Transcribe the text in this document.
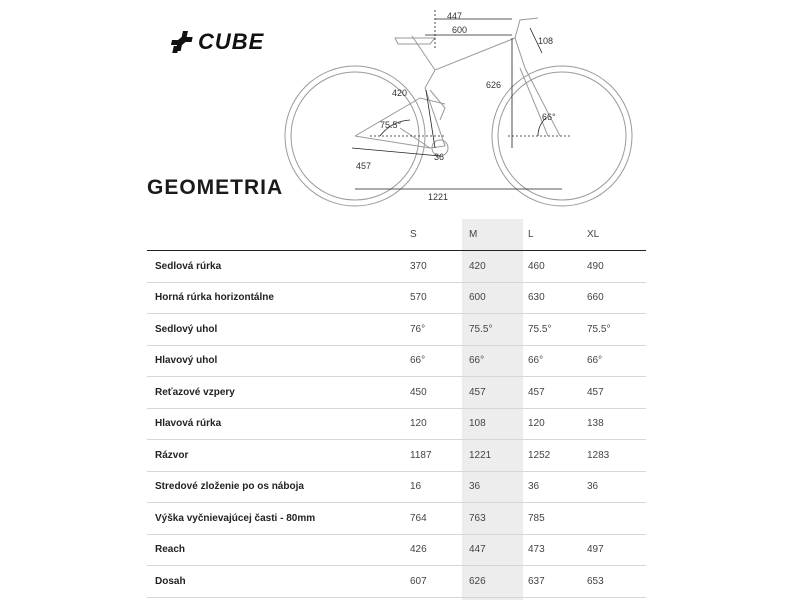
CUBE
447
600
108
420
626
75.5°
66°
36
457
1221
GEOMETRIA
	S	M	L	XL
Sedlová rúrka	370	420	460	490
Horná rúrka horizontálne	570	600	630	660
Sedlový uhol	76°	75.5°	75.5°	75.5°
Hlavový uhol	66°	66°	66°	66°
Reťazové vzpery	450	457	457	457
Hlavová rúrka	120	108	120	138
Rázvor	1187	1221	1252	1283
Stredové zloženie po os náboja	16	36	36	36
Výška vyčnievajúcej časti - 80mm	764	763	785	
Reach	426	447	473	497
Dosah	607	626	637	653
